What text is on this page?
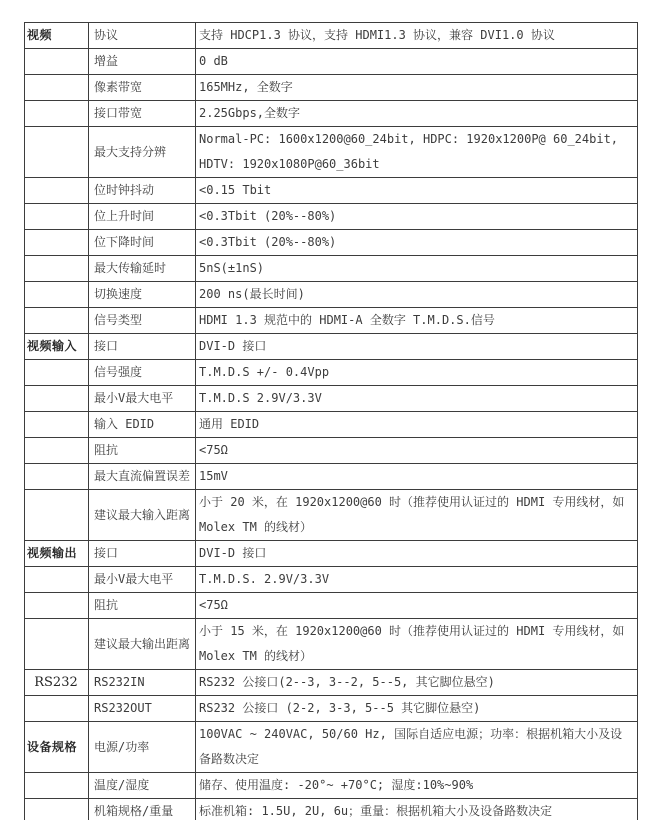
视频	协议	支持 HDCP1.3 协议，支持 HDMI1.3 协议，兼容 DVI1.0 协议
	增益	0 dB
	像素带宽	165MHz, 全数字
	接口带宽	2.25Gbps,全数字
	最大支持分辨	Normal-PC: 1600x1200@60_24bit, HDPC: 1920x1200P@ 60_24bit, HDTV: 1920x1080P@60_36bit
	位时钟抖动	<0.15 Tbit
	位上升时间	<0.3Tbit (20%--80%)
	位下降时间	<0.3Tbit (20%--80%)
	最大传输延时	5nS(±1nS)
	切换速度	200 ns(最长时间)
	信号类型	HDMI 1.3 规范中的 HDMI-A 全数字 T.M.D.S.信号
视频输入	接口	DVI-D 接口
	信号强度	T.M.D.S +/- 0.4Vpp
	最小V最大电平	T.M.D.S 2.9V/3.3V
	输入 EDID	通用 EDID
	阻抗	<75Ω
	最大直流偏置误差	15mV
	建议最大输入距离	小于 20 米，在 1920x1200@60 时（推荐使用认证过的 HDMI 专用线材，如 Molex TM 的线材）
视频输出	接口	DVI-D 接口
	最小V最大电平	T.M.D.S. 2.9V/3.3V
	阻抗	<75Ω
	建议最大输出距离	小于 15 米，在 1920x1200@60 时（推荐使用认证过的 HDMI 专用线材，如 Molex TM 的线材）
RS232	RS232IN	RS232 公接口(2--3, 3--2, 5--5, 其它脚位悬空)
	RS232OUT	RS232 公接口 (2-2, 3-3, 5--5 其它脚位悬空)
设备规格	电源/功率	100VAC ~ 240VAC, 50/60 Hz, 国际自适应电源；功率：根据机箱大小及设备路数决定
	温度/湿度	储存、使用温度: -20°~ +70°C; 湿度:10%~90%
	机箱规格/重量	标准机箱: 1.5U, 2U, 6u；重量：根据机箱大小及设备路数决定
